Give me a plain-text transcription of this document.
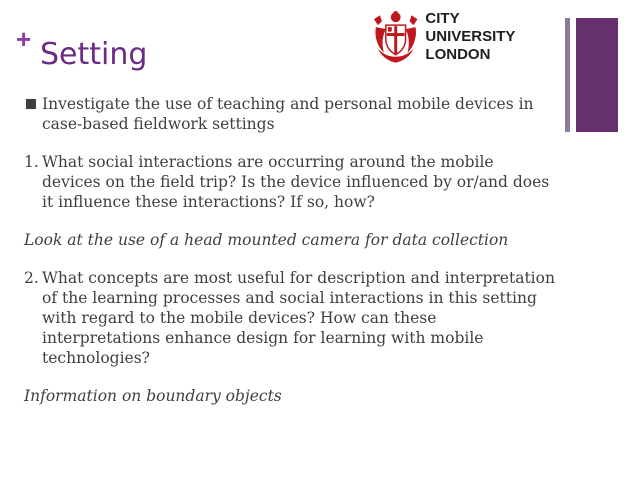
+ Setting
CITY UNIVERSITY
LONDON
Investigate the use of teaching and personal mobile devices in case-based fieldwork settings
1. What social interactions are occurring around the mobile devices on the field trip? Is the device influenced by or/and does it influence these interactions? If so, how?
Look at the use of a head mounted camera for data collection
2. What concepts are most useful for description and interpretation of the learning processes and social interactions in this setting with regard to the mobile devices? How can these interpretations enhance design for learning with mobile technologies?
Information on boundary objects
